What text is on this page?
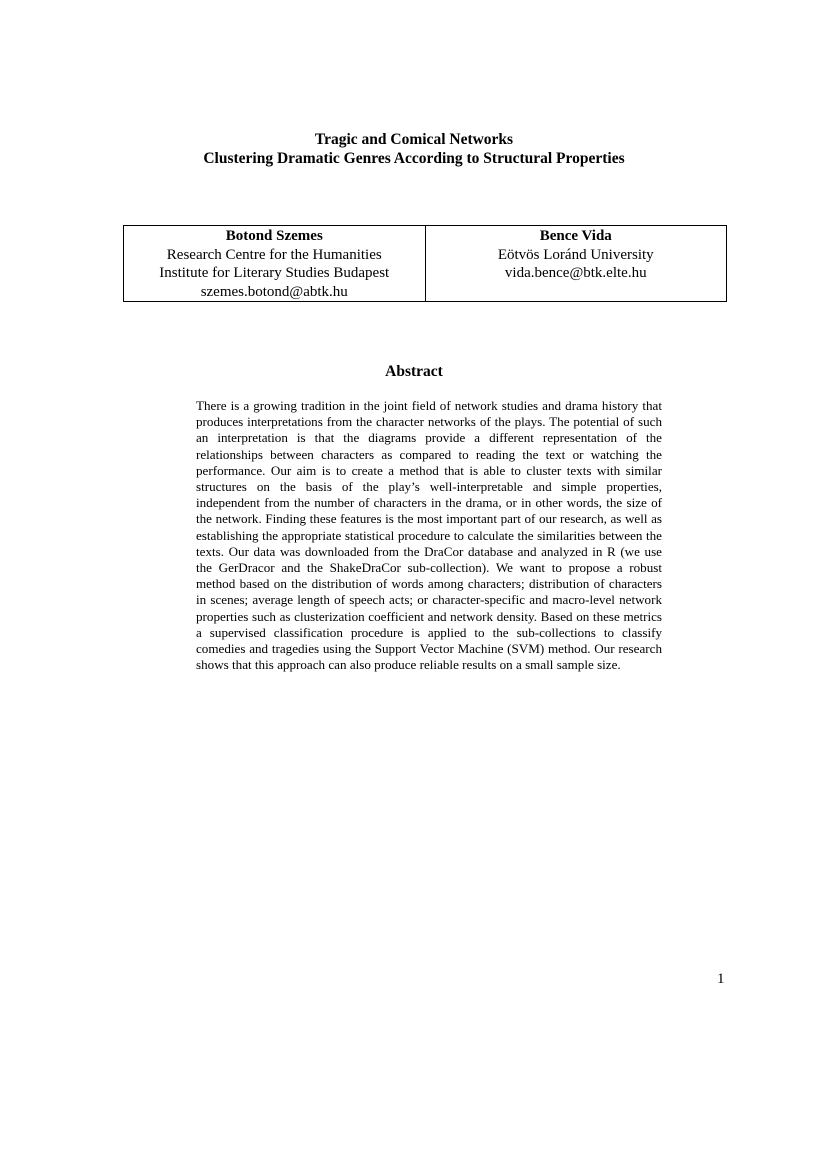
Tragic and Comical Networks
Clustering Dramatic Genres According to Structural Properties
Botond Szemes
Research Centre for the Humanities
Institute for Literary Studies Budapest
szemes.botond@abtk.hu
Bence Vida
Eötvös Loránd University
vida.bence@btk.elte.hu
Abstract

There is a growing tradition in the joint field of network studies and drama history that produces interpretations from the character networks of the plays. The potential of such an interpretation is that the diagrams provide a different representation of the relationships between characters as compared to reading the text or watching the performance. Our aim is to create a method that is able to cluster texts with similar structures on the basis of the play’s well-interpretable and simple properties, independent from the number of characters in the drama, or in other words, the size of the network. Finding these features is the most important part of our research, as well as establishing the appropriate statistical procedure to calculate the similarities between the texts. Our data was downloaded from the DraCor database and analyzed in R (we use the GerDracor and the ShakeDraCor sub-collection). We want to propose a robust method based on the distribution of words among characters; distribution of characters in scenes; average length of speech acts; or character-specific and macro-level network properties such as clusterization coefficient and network density. Based on these metrics a supervised classification procedure is applied to the sub-collections to classify comedies and tragedies using the Support Vector Machine (SVM) method. Our research shows that this approach can also produce reliable results on a small sample size.

1
